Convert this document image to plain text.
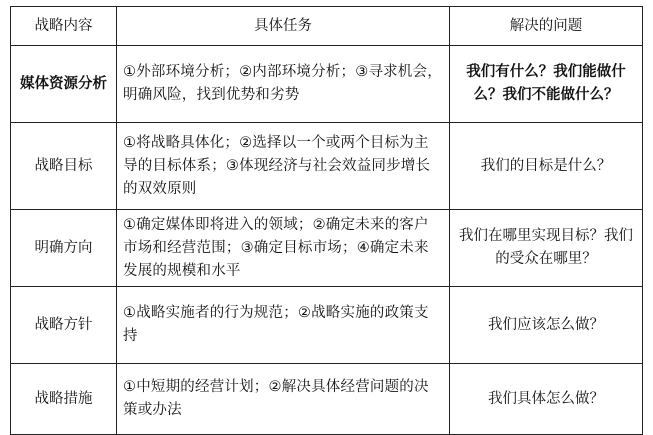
战略内容	具体任务	解决的问题
媒体资源分析	①外部环境分析；②内部环境分析；③寻求机会，明确风险，找到优势和劣势	我们有什么？我们能做什么？我们不能做什么？
战略目标	①将战略具体化；②选择以一个或两个目标为主导的目标体系；③体现经济与社会效益同步增长的双效原则	我们的目标是什么？
明确方向	①确定媒体即将进入的领域；②确定未来的客户市场和经营范围；③确定目标市场；④确定未来发展的规模和水平	我们在哪里实现目标？我们的受众在哪里？
战略方针	①战略实施者的行为规范；②战略实施的政策支持	我们应该怎么做？
战略措施	①中短期的经营计划；②解决具体经营问题的决策或办法	我们具体怎么做？
